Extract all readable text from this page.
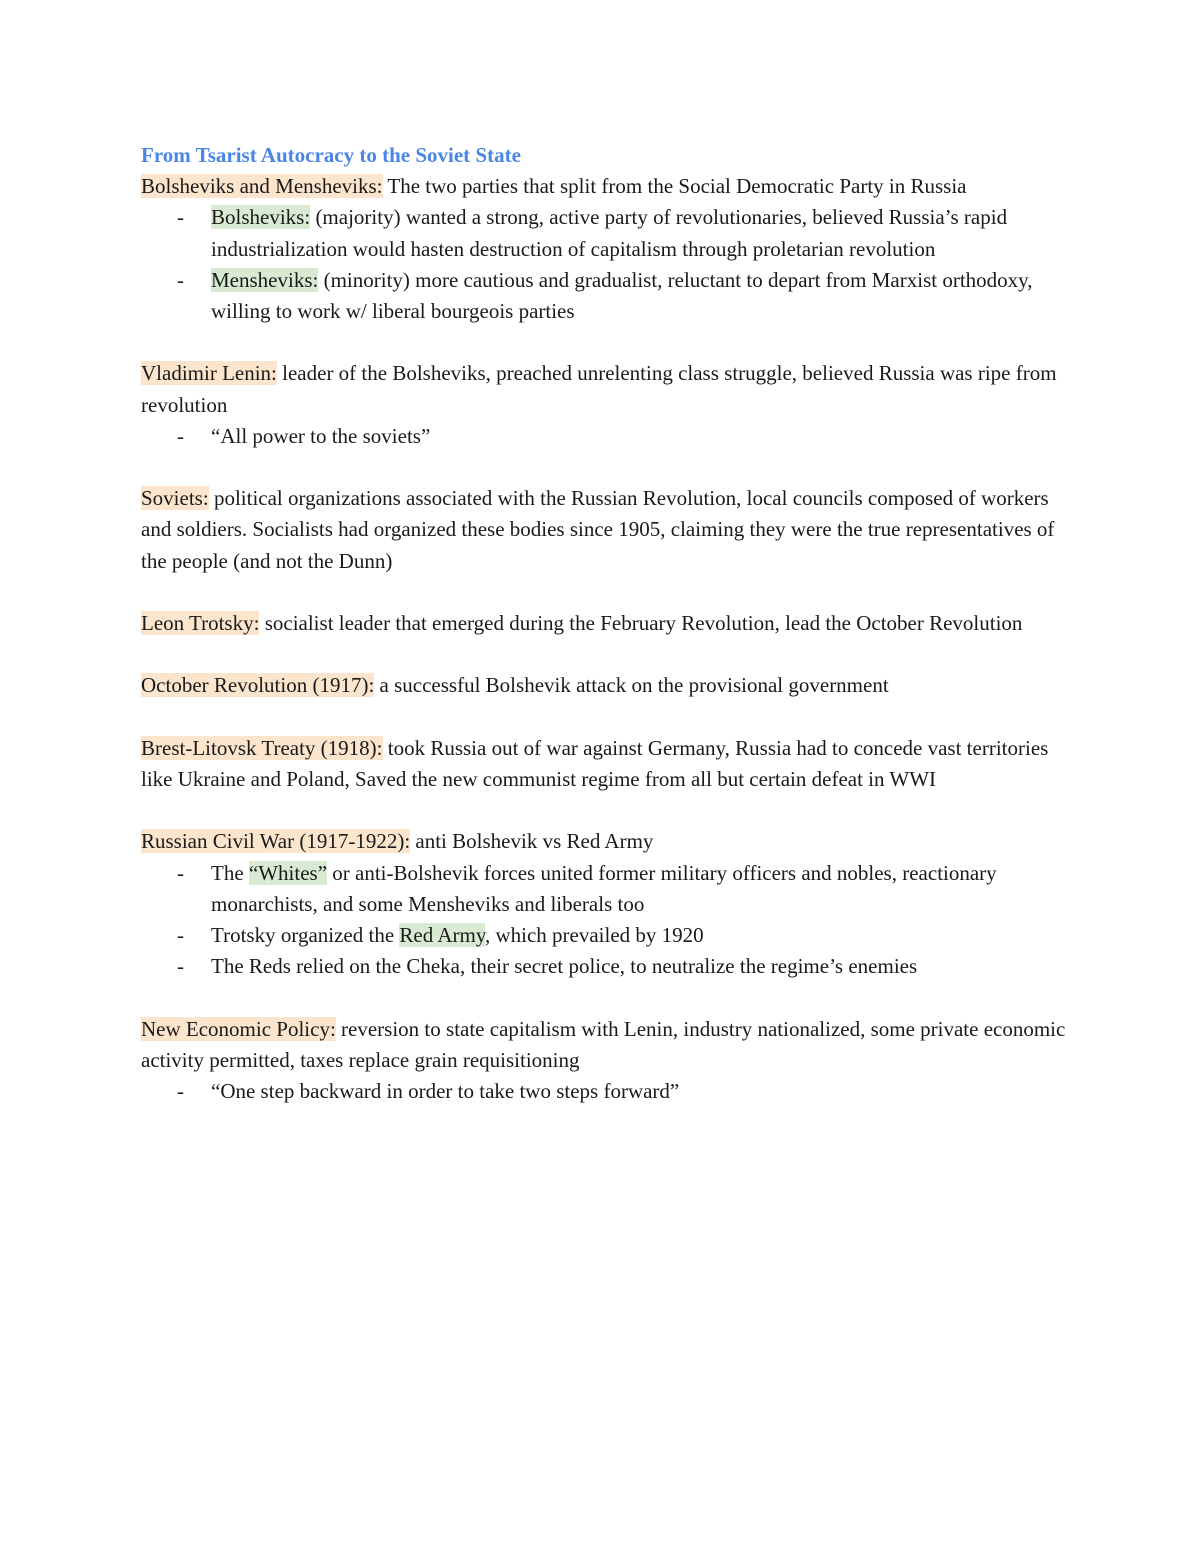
From Tsarist Autocracy to the Soviet State

Bolsheviks and Mensheviks: The two parties that split from the Social Democratic Party in Russia

- Bolsheviks: (majority) wanted a strong, active party of revolutionaries, believed Russia’s rapid industrialization would hasten destruction of capitalism through proletarian revolution
- Mensheviks: (minority) more cautious and gradualist, reluctant to depart from Marxist orthodoxy, willing to work w/ liberal bourgeois parties

Vladimir Lenin: leader of the Bolsheviks, preached unrelenting class struggle, believed Russia was ripe from revolution

- “All power to the soviets”

Soviets: political organizations associated with the Russian Revolution, local councils composed of workers and soldiers. Socialists had organized these bodies since 1905, claiming they were the true representatives of the people (and not the Dunn)

Leon Trotsky: socialist leader that emerged during the February Revolution, lead the October Revolution

October Revolution (1917): a successful Bolshevik attack on the provisional government

Brest-Litovsk Treaty (1918): took Russia out of war against Germany, Russia had to concede vast territories like Ukraine and Poland, Saved the new communist regime from all but certain defeat in WWI

Russian Civil War (1917-1922): anti Bolshevik vs Red Army

- The “Whites” or anti-Bolshevik forces united former military officers and nobles, reactionary monarchists, and some Mensheviks and liberals too
- Trotsky organized the Red Army, which prevailed by 1920
- The Reds relied on the Cheka, their secret police, to neutralize the regime’s enemies

New Economic Policy: reversion to state capitalism with Lenin, industry nationalized, some private economic activity permitted, taxes replace grain requisitioning

- “One step backward in order to take two steps forward”
